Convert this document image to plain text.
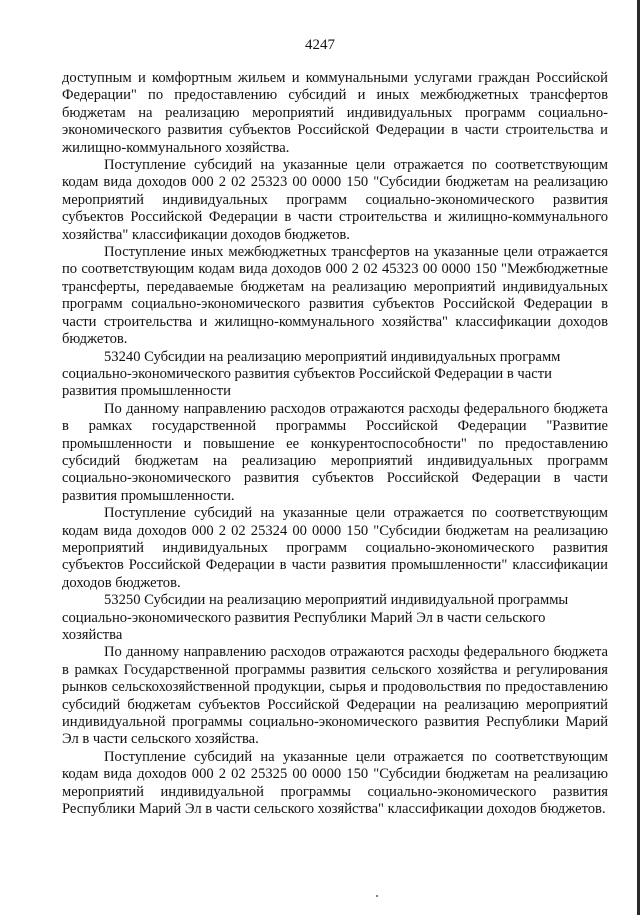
4247

доступным и комфортным жильем и коммунальными услугами граждан Российской Федерации" по предоставлению субсидий и иных межбюджетных трансфертов бюджетам на реализацию мероприятий индивидуальных программ социально-экономического развития субъектов Российской Федерации в части строительства и жилищно-коммунального хозяйства.

Поступление субсидий на указанные цели отражается по соответствующим кодам вида доходов 000 2 02 25323 00 0000 150 "Субсидии бюджетам на реализацию мероприятий индивидуальных программ социально-экономического развития субъектов Российской Федерации в части строительства и жилищно-коммунального хозяйства" классификации доходов бюджетов.

Поступление иных межбюджетных трансфертов на указанные цели отражается по соответствующим кодам вида доходов 000 2 02 45323 00 0000 150 "Межбюджетные трансферты, передаваемые бюджетам на реализацию мероприятий индивидуальных программ социально-экономического развития субъектов Российской Федерации в части строительства и жилищно-коммунального хозяйства" классификации доходов бюджетов.

53240 Субсидии на реализацию мероприятий индивидуальных программ социально-экономического развития субъектов Российской Федерации в части развития промышленности

По данному направлению расходов отражаются расходы федерального бюджета в рамках государственной программы Российской Федерации "Развитие промышленности и повышение ее конкурентоспособности" по предоставлению субсидий бюджетам на реализацию мероприятий индивидуальных программ социально-экономического развития субъектов Российской Федерации в части развития промышленности.

Поступление субсидий на указанные цели отражается по соответствующим кодам вида доходов 000 2 02 25324 00 0000 150 "Субсидии бюджетам на реализацию мероприятий индивидуальных программ социально-экономического развития субъектов Российской Федерации в части развития промышленности" классификации доходов бюджетов.

53250 Субсидии на реализацию мероприятий индивидуальной программы социально-экономического развития Республики Марий Эл в части сельского хозяйства

По данному направлению расходов отражаются расходы федерального бюджета в рамках Государственной программы развития сельского хозяйства и регулирования рынков сельскохозяйственной продукции, сырья и продовольствия по предоставлению субсидий бюджетам субъектов Российской Федерации на реализацию мероприятий индивидуальной программы социально-экономического развития Республики Марий Эл в части сельского хозяйства.

Поступление субсидий на указанные цели отражается по соответствующим кодам вида доходов 000 2 02 25325 00 0000 150 "Субсидии бюджетам на реализацию мероприятий индивидуальной программы социально-экономического развития Республики Марий Эл в части сельского хозяйства" классификации доходов бюджетов.
